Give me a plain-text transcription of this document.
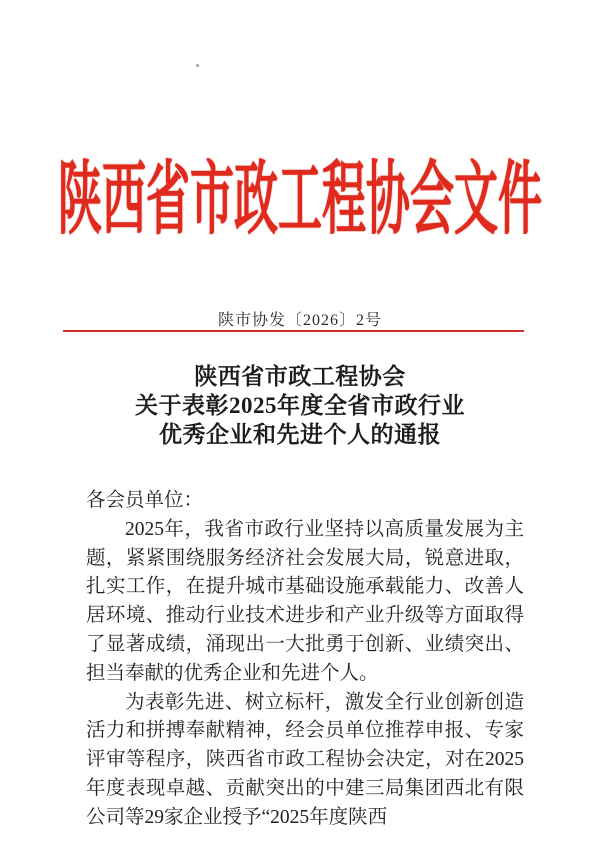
陕西省市政工程协会文件
陕市协发〔2026〕2号
陕西省市政工程协会
关于表彰2025年度全省市政行业
优秀企业和先进个人的通报

各会员单位：

2025年，我省市政行业坚持以高质量发展为主题，紧紧围绕服务经济社会发展大局，锐意进取，扎实工作，在提升城市基础设施承载能力、改善人居环境、推动行业技术进步和产业升级等方面取得了显著成绩，涌现出一大批勇于创新、业绩突出、担当奉献的优秀企业和先进个人。

为表彰先进、树立标杆，激发全行业创新创造活力和拼搏奉献精神，经会员单位推荐申报、专家评审等程序，陕西省市政工程协会决定，对在2025年度表现卓越、贡献突出的中建三局集团西北有限公司等29家企业授予“2025年度陕西
